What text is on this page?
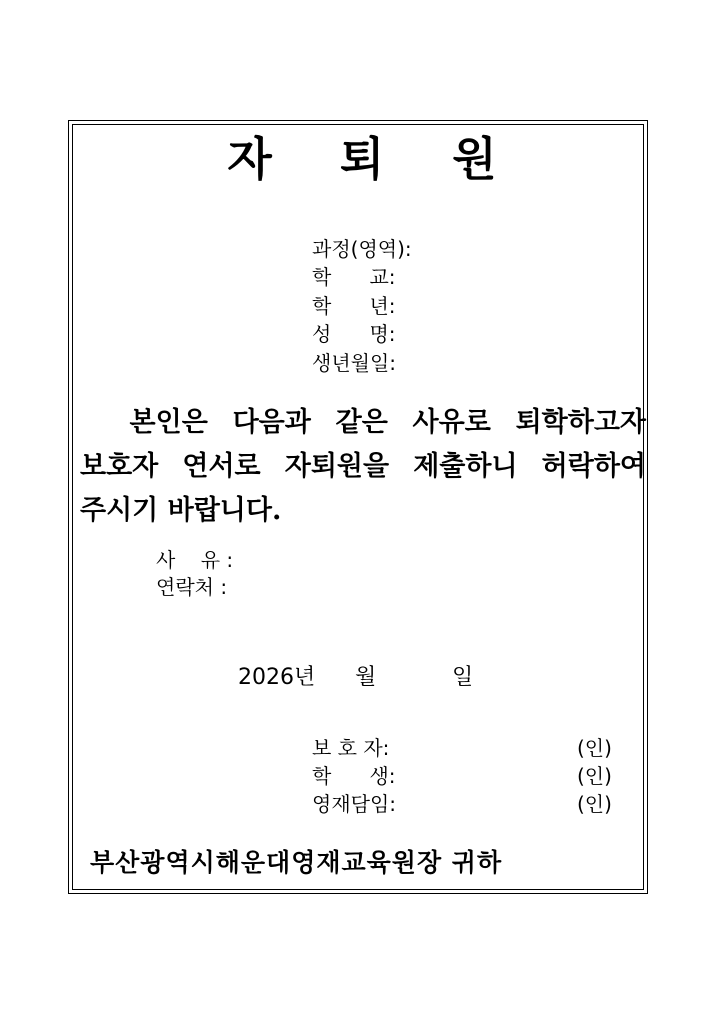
자 퇴 원
과정(영역):
학      교:
학      년:
성      명:
생년월일:
본인은 다음과 같은 사유로 퇴학하고자
보호자 연서로 자퇴원을 제출하니 허락하여
주시기 바랍니다.
사    유 :
연락처 :
2026년 월	일
보 호 자:	(인)
학      생:	(인)
영재담임:	(인)
부산광역시해운대영재교육원장 귀하
